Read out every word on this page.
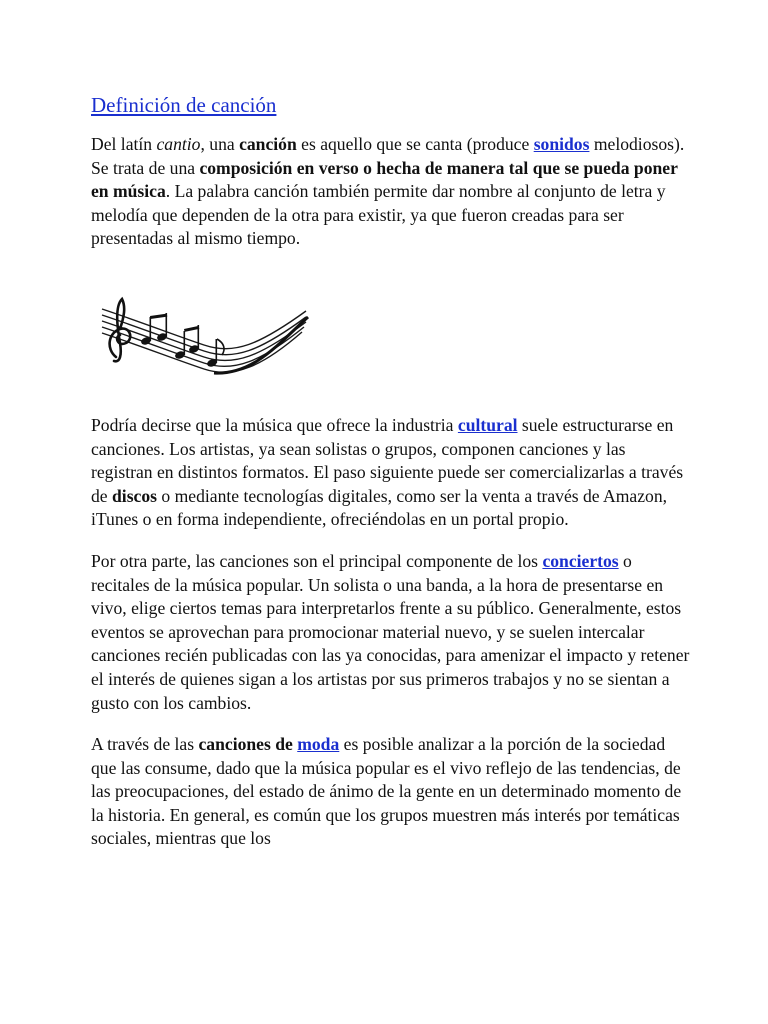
Definición de canción

Del latín cantio, una canción es aquello que se canta (produce sonidos melodiosos). Se trata de una composición en verso o hecha de manera tal que se pueda poner en música. La palabra canción también permite dar nombre al conjunto de letra y melodía que dependen de la otra para existir, ya que fueron creadas para ser presentadas al mismo tiempo.

Podría decirse que la música que ofrece la industria cultural suele estructurarse en canciones. Los artistas, ya sean solistas o grupos, componen canciones y las registran en distintos formatos. El paso siguiente puede ser comercializarlas a través de discos o mediante tecnologías digitales, como ser la venta a través de Amazon, iTunes o en forma independiente, ofreciéndolas en un portal propio.

Por otra parte, las canciones son el principal componente de los conciertos o recitales de la música popular. Un solista o una banda, a la hora de presentarse en vivo, elige ciertos temas para interpretarlos frente a su público. Generalmente, estos eventos se aprovechan para promocionar material nuevo, y se suelen intercalar canciones recién publicadas con las ya conocidas, para amenizar el impacto y retener el interés de quienes sigan a los artistas por sus primeros trabajos y no se sientan a gusto con los cambios.

A través de las canciones de moda es posible analizar a la porción de la sociedad que las consume, dado que la música popular es el vivo reflejo de las tendencias, de las preocupaciones, del estado de ánimo de la gente en un determinado momento de la historia. En general, es común que los grupos muestren más interés por temáticas sociales, mientras que los
